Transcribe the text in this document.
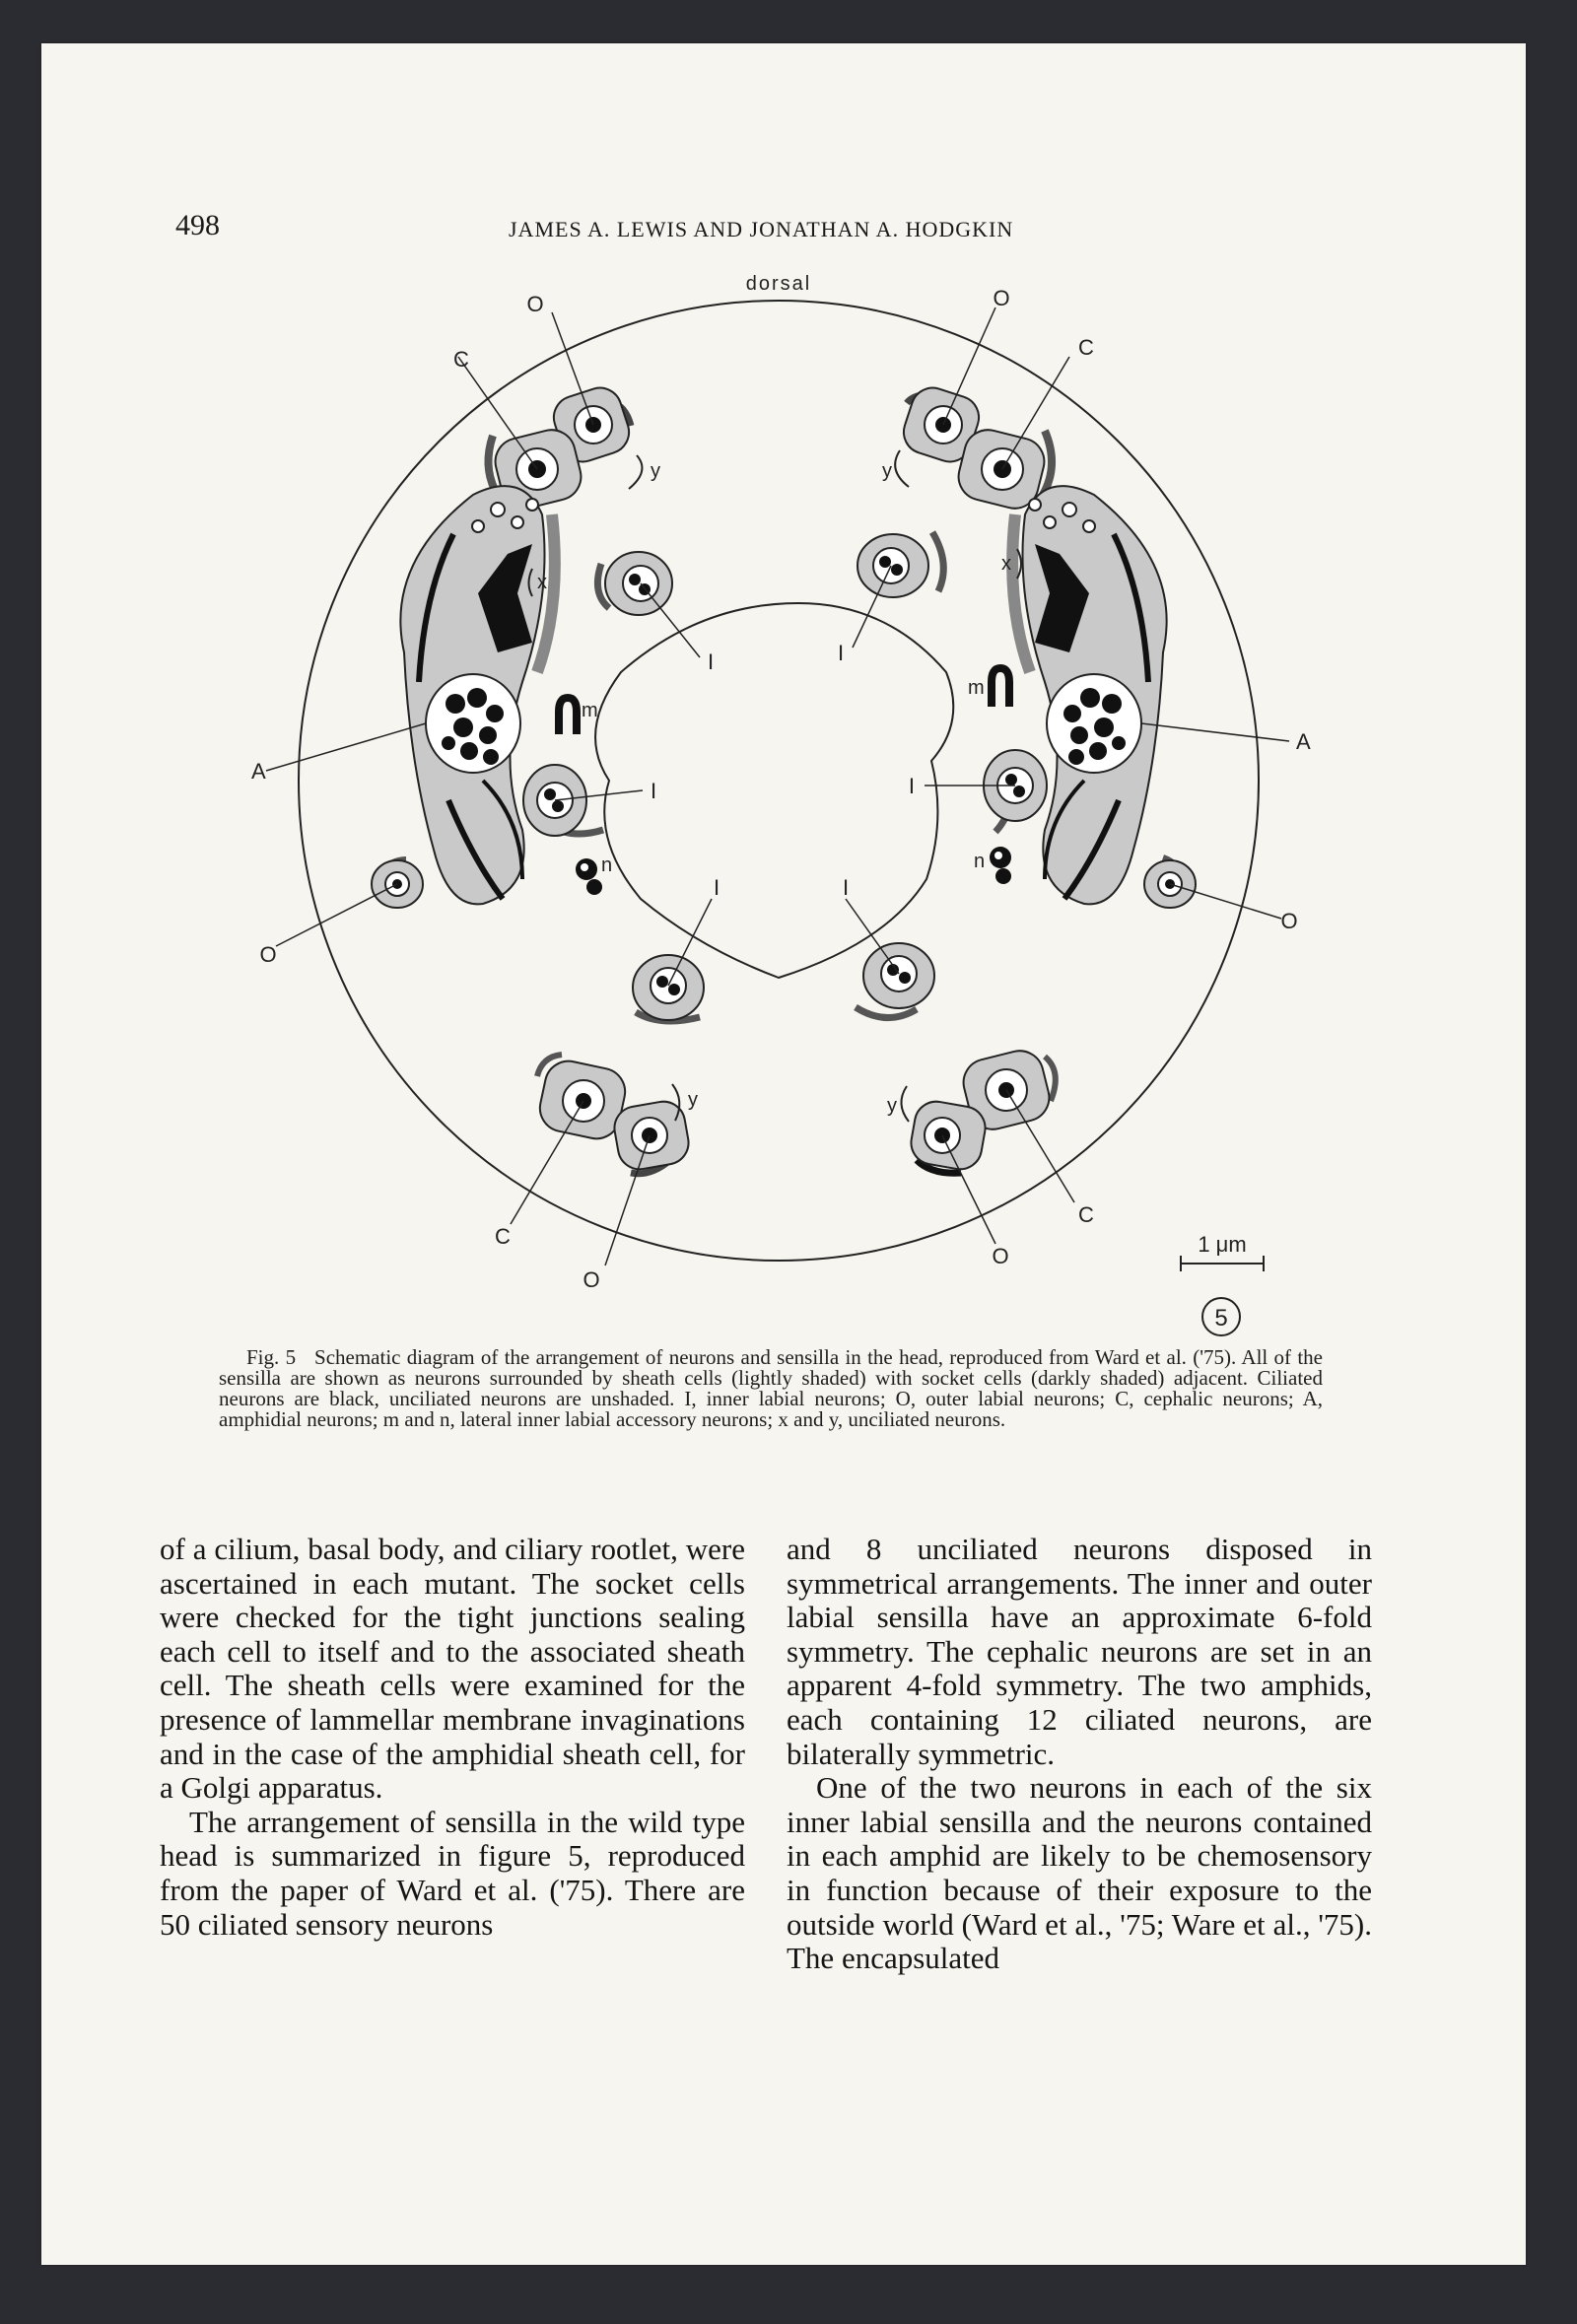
498	JAMES A. LEWIS AND JONATHAN A. HODGKIN
dorsal
O
C
y
O
C
y
A
A
O
O
I	I
I	I
I	I
m
n
x
m
n
x
C
O
y
C
O
y
1 μm
5
Fig. 5 Schematic diagram of the arrangement of neurons and sensilla in the head, reproduced from Ward et al. ('75). All of the sensilla are shown as neurons surrounded by sheath cells (lightly shaded) with socket cells (darkly shaded) adjacent. Ciliated neurons are black, unciliated neurons are unshaded. I, inner labial neurons; O, outer labial neurons; C, cephalic neurons; A, amphidial neurons; m and n, lateral inner labial accessory neurons; x and y, unciliated neurons.

of a cilium, basal body, and ciliary rootlet, were ascertained in each mutant. The socket cells were checked for the tight junctions sealing each cell to itself and to the associated sheath cell. The sheath cells were examined for the presence of lammellar membrane invaginations and in the case of the amphidial sheath cell, for a Golgi apparatus.

The arrangement of sensilla in the wild type head is summarized in figure 5, reproduced from the paper of Ward et al. ('75). There are 50 ciliated sensory neurons

and 8 unciliated neurons disposed in symmetrical arrangements. The inner and outer labial sensilla have an approximate 6-fold symmetry. The cephalic neurons are set in an apparent 4-fold symmetry. The two amphids, each containing 12 ciliated neurons, are bilaterally symmetric.

One of the two neurons in each of the six inner labial sensilla and the neurons contained in each amphid are likely to be chemosensory in function because of their exposure to the outside world (Ward et al., '75; Ware et al., '75). The encapsulated
